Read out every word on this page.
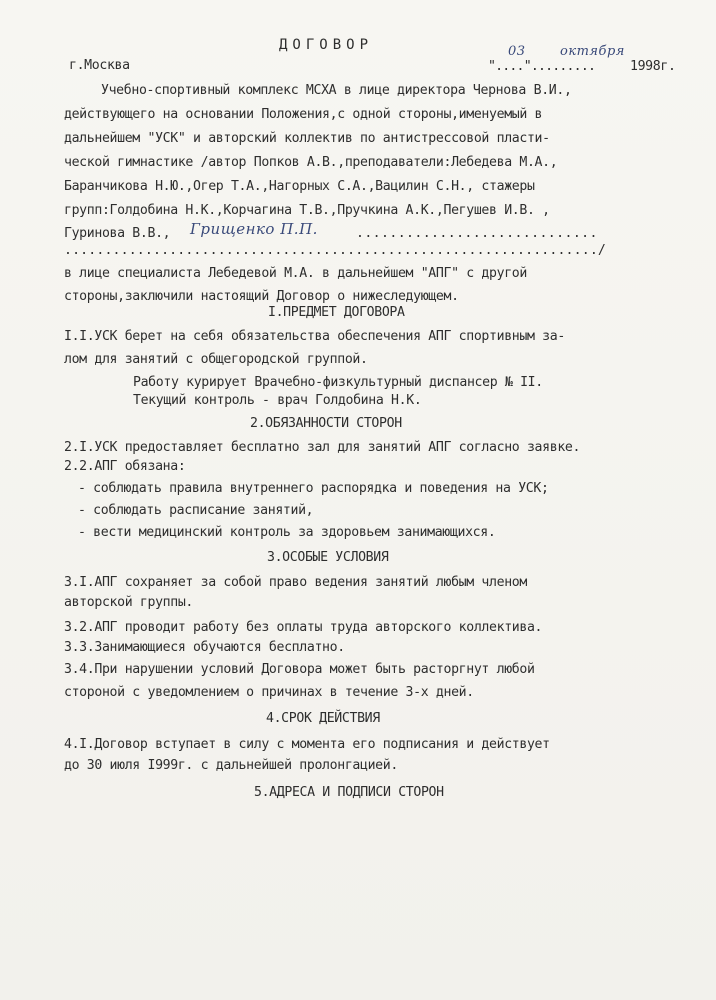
ДОГОВОР
г.Москва	"....".........	1998г.
03	октября
Учебно-спортивный комплекс МСХА в лице директора Чернова В.И.,
действующего на основании Положения,с одной стороны,именуемый в
дальнейшем "УСК" и авторский коллектив по антистрессовой пласти-
ческой гимнастике /автор Попков А.В.,преподаватели:Лебедева М.А.,
Баранчикова Н.Ю.,Огер Т.А.,Нагорных С.А.,Вацилин С.Н., стажеры
групп:Голдобина Н.К.,Корчагина Т.В.,Пручкина А.К.,Пегушев И.В. ,
Гуринова В.В., Грищенко П.П.	.............................
................................................................../
в лице специалиста Лебедевой М.А. в дальнейшем "АПГ" с другой
стороны,заключили настоящий Договор о нижеследующем.
I.ПРЕДМЕТ ДОГОВОРА
I.I.УСК берет на себя обязательства обеспечения АПГ спортивным за-
лом для занятий с общегородской группой.
Работу курирует Врачебно-физкультурный диспансер № II.
Текущий контроль - врач Голдобина Н.К.
2.ОБЯЗАННОСТИ СТОРОН
2.I.УСК предоставляет бесплатно зал для занятий АПГ согласно заявке.
2.2.АПГ обязана:
- соблюдать правила внутреннего распорядка и поведения на УСК;
- соблюдать расписание занятий,
- вести медицинский контроль за здоровьем занимающихся.
3.ОСОБЫЕ УСЛОВИЯ
3.I.АПГ сохраняет за собой право ведения занятий любым членом
авторской группы.
3.2.АПГ проводит работу без оплаты труда авторского коллектива.
3.3.Занимающиеся обучаются бесплатно.
3.4.При нарушении условий Договора может быть расторгнут любой
стороной с уведомлением о причинах в течение 3-х дней.
4.СРОК ДЕЙСТВИЯ
4.I.Договор вступает в силу с момента его подписания и действует
до 30 июля I999г. с дальнейшей пролонгацией.
5.АДРЕСА И ПОДПИСИ СТОРОН
